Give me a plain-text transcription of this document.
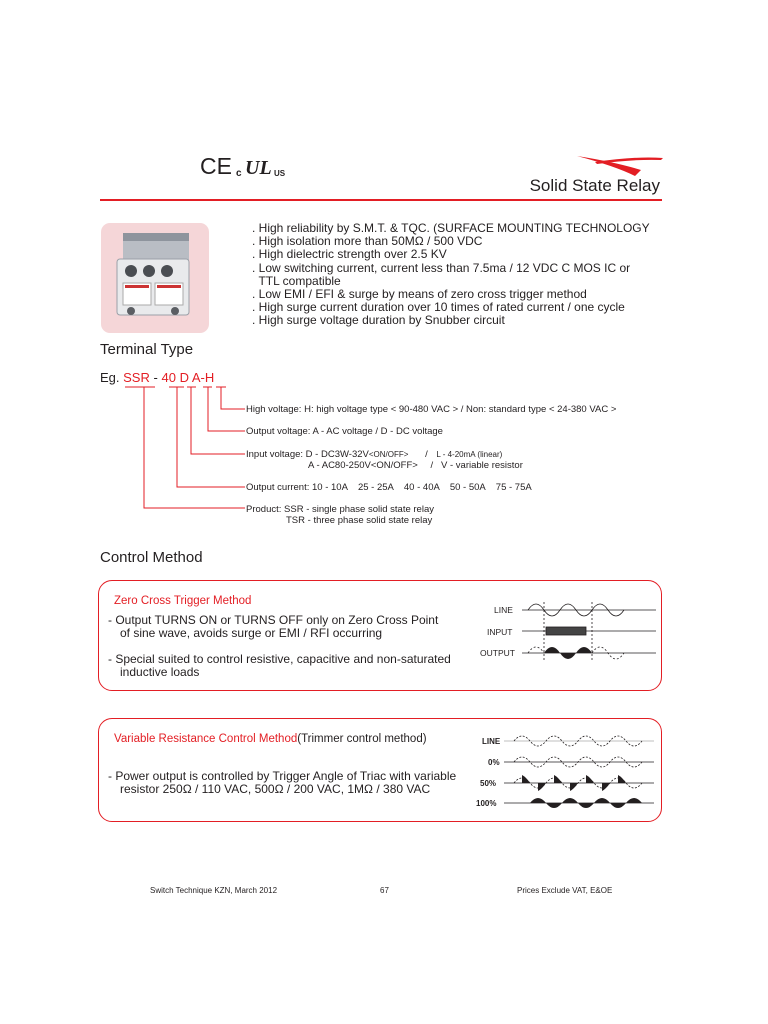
CE c UL US
Solid State Relay
. High reliability by S.M.T. & TQC. (SURFACE MOUNTING TECHNOLOGY
. High isolation more than 50MΩ / 500 VDC
. High dielectric strength over 2.5 KV
. Low switching current, current less than 7.5ma / 12 VDC C MOS IC or
TTL compatible
. Low EMI / EFI & surge by means of zero cross trigger method
. High surge current duration over 10 times of rated current / one cycle
. High surge voltage duration by Snubber circuit
Terminal Type
Eg. SSR - 40 D A-H
High voltage: H: high voltage type < 90-480 VAC > / Non: standard type < 24-380 VAC >
Output voltage: A - AC voltage / D - DC voltage
Input voltage: D - DC3W-32V<ON/OFF> / L - 4-20mA (linear)
A - AC80-250V<ON/OFF> /   V - variable resistor
Output current: 10 - 10A    25 - 25A    40 - 40A    50 - 50A    75 - 75A
Product: SSR - single phase solid state relay
TSR - three phase solid state relay
Control Method
Zero Cross Trigger Method
- Output TURNS ON or TURNS OFF only on Zero Cross Point
of sine wave, avoids surge or EMI / RFI occurring
- Special suited to control resistive, capacitive and non-saturated
inductive loads
LINE
INPUT
OUTPUT
Variable Resistance Control Method(Trimmer control method)
- Power output is controlled by Trigger Angle of Triac with variable
resistor 250Ω / 110 VAC, 500Ω / 200 VAC, 1MΩ / 380 VAC
LINE
0%
50%
100%
Switch Technique KZN, March 2012	67	Prices Exclude VAT, E&OE
